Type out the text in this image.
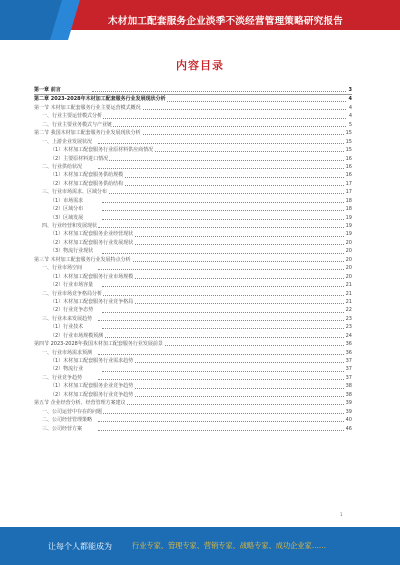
木材加工配套服务企业淡季不淡经营管理策略研究报告
内容目录
第一章 前言	3
第二章 2023-2028年木材加工配套服务行业发展现状分析	4
第一节 木材加工配套服务行业主要运营模式概况	4
一、行业主要运营模式分析	4
二、行业主要业务模式与产业链	5
第二节 我国木材加工配套服务行业发展现状分析	15
一、上游企业发展状况	15
（1）木材加工配套服务行业原材料供应商情况	15
（2）主要原材料进口情况	16
二、行业供给状况	16
（1）木材加工配套服务供给规模	16
（2）木材加工配套服务供给结构	17
三、行业市场需求、区域分布	17
（1）市场需求	18
（2）区域分布	18
（3）区域发展	19
四、行业经营和发展现状	19
（1）木材加工配套服务企业经营现状	19
（2）木材加工配套服务行业发展现状	20
（3）物流行业现状	20
第三节 木材加工配套服务行业发展特点分析	20
一、行业市场空间	20
（1）木材加工配套服务行业市场规模	20
（2）行业市场容量	21
二、行业市场竞争格局分析	21
（1）木材加工配套服务行业竞争格局	21
（2）行业竞争态势	22
三、行业未来发展趋势	23
（1）行业技术	23
（2）行业市场规模预测	24
第四节 2023-2028年我国木材加工配套服务行业发展前景	36
一、行业市场需求预测	36
（1）木材加工配套服务行业需求趋势	37
（2）物流行业	37
二、行业竞争趋势	37
（1）木材加工配套服务企业竞争趋势	38
（2）木材加工配套服务行业竞争趋势	38
第五节 企业经营分析、经营管理方案建议	39
一、公司运营中存在的问题	39
二、公司经营管理策略	40
三、公司经营方案	46
1
让每个人都能成为	行业专家、管理专家、营销专家、战略专家、成功企业家……
